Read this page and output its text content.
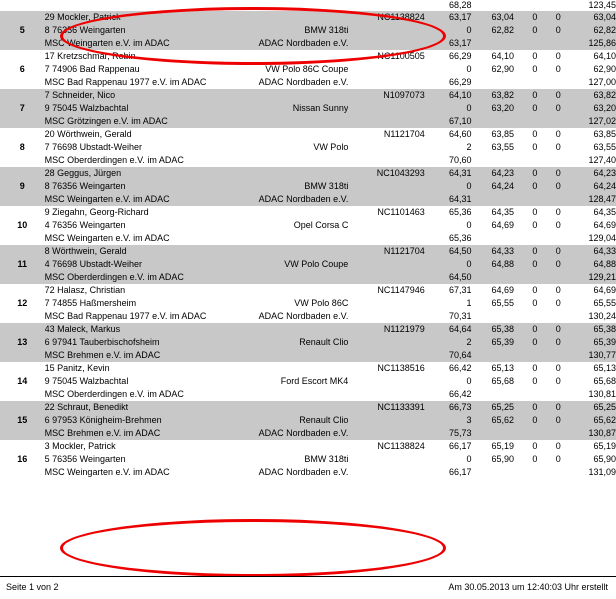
				68,28				123,45
5	29 Mockler, Patrick		NC1138824	63,17	63,04	0	0	63,04
	8 76356 Weingarten	BMW 318ti		0	62,82	0	0	62,82
	MSC Weingarten e.V. im ADAC	ADAC Nordbaden e.V.		63,17				125,86
6	17 Kretzschmar, Robin		NC1100505	66,29	64,10	0	0	64,10
	7 74906 Bad Rappenau	VW Polo 86C Coupe		0	62,90	0	0	62,90
	MSC Bad Rappenau 1977 e.V. im ADAC	ADAC Nordbaden e.V.		66,29				127,00
7	7 Schneider, Nico		N1097073	64,10	63,82	0	0	63,82
	9 75045 Walzbachtal	Nissan Sunny		0	63,20	0	0	63,20
	MSC Grötzingen e.V. im ADAC			67,10				127,02
8	20 Wörthwein, Gerald		N1121704	64,60	63,85	0	0	63,85
	7 76698 Ubstadt-Weiher	VW Polo		2	63,55	0	0	63,55
	MSC Oberderdingen e.V. im ADAC			70,60				127,40
9	28 Geggus, Jürgen		NC1043293	64,31	64,23	0	0	64,23
	8 76356 Weingarten	BMW 318ti		0	64,24	0	0	64,24
	MSC Weingarten e.V. im ADAC	ADAC Nordbaden e.V.		64,31				128,47
10	9 Ziegahn, Georg-Richard		NC1101463	65,36	64,35	0	0	64,35
	4 76356 Weingarten	Opel Corsa C		0	64,69	0	0	64,69
	MSC Weingarten e.V. im ADAC			65,36				129,04
11	8 Wörthwein, Gerald		N1121704	64,50	64,33	0	0	64,33
	4 76698 Ubstadt-Weiher	VW Polo Coupe		0	64,88	0	0	64,88
	MSC Oberderdingen e.V. im ADAC			64,50				129,21
12	72 Halasz, Christian		NC1147946	67,31	64,69	0	0	64,69
	7 74855 Haßmersheim	VW Polo 86C		1	65,55	0	0	65,55
	MSC Bad Rappenau 1977 e.V. im ADAC	ADAC Nordbaden e.V.		70,31				130,24
13	43 Maleck, Markus		N1121979	64,64	65,38	0	0	65,38
	6 97941 Tauberbischofsheim	Renault Clio		2	65,39	0	0	65,39
	MSC Brehmen e.V. im ADAC			70,64				130,77
14	15 Panitz, Kevin		NC1138516	66,42	65,13	0	0	65,13
	9 75045 Walzbachtal	Ford Escort MK4		0	65,68	0	0	65,68
	MSC Oberderdingen e.V. im ADAC			66,42				130,81
15	22 Schraut, Benedikt		NC1133391	66,73	65,25	0	0	65,25
	6 97953 Königheim-Brehmen	Renault Clio		3	65,62	0	0	65,62
	MSC Brehmen e.V. im ADAC	ADAC Nordbaden e.V.		75,73				130,87
16	3 Mockler, Patrick		NC1138824	66,17	65,19	0	0	65,19
	5 76356 Weingarten	BMW 318ti		0	65,90	0	0	65,90
	MSC Weingarten e.V. im ADAC	ADAC Nordbaden e.V.		66,17				131,09
Seite 1 von 2	Am 30.05.2013 um 12:40:03 Uhr erstellt
